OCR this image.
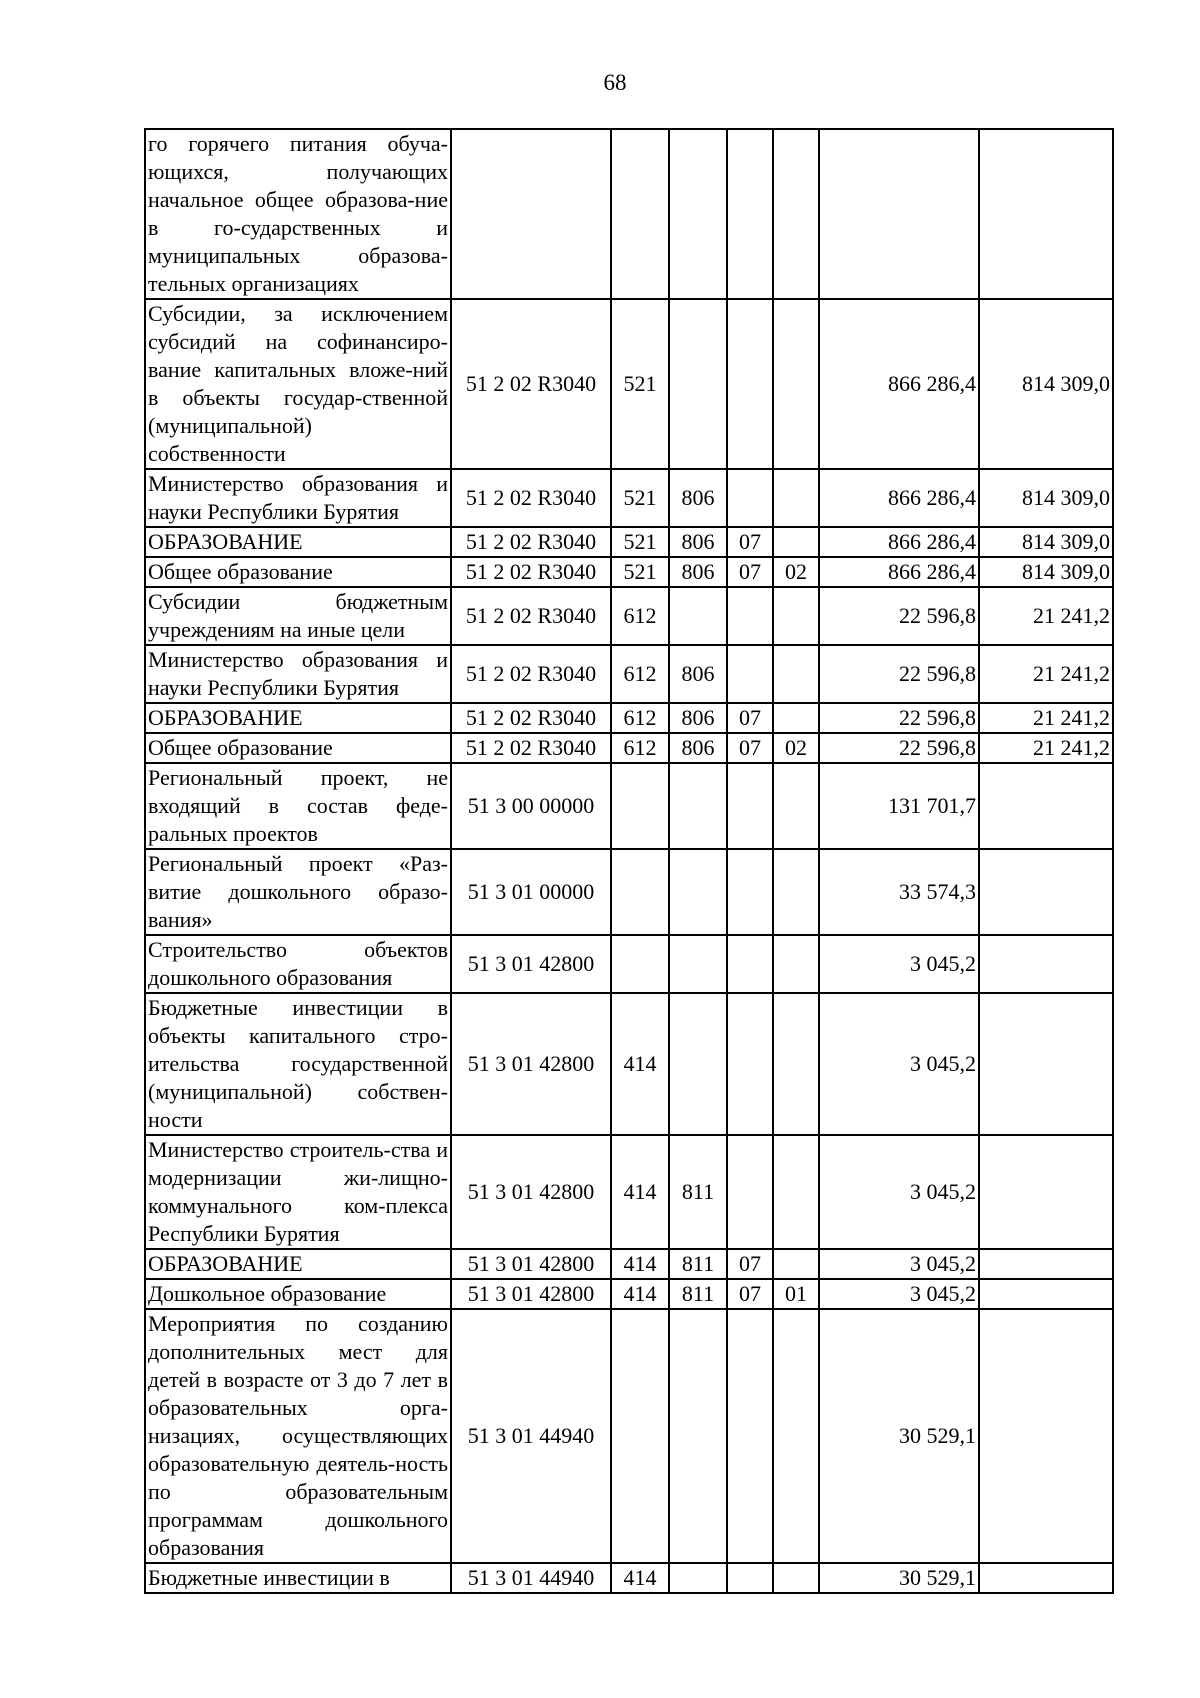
68
го горячего питания обуча-ющихся, получающих начальное общее образова-ние в го-сударственных и муниципальных образова-тельных организациях							
Субсидии, за исключением субсидий на софинансиро-вание капитальных вложе-ний в объекты государ-ственной (муниципальной) собственности	51 2 02 R3040	521				866 286,4	814 309,0
Министерство образования и науки Республики Бурятия	51 2 02 R3040	521	806			866 286,4	814 309,0
ОБРАЗОВАНИЕ	51 2 02 R3040	521	806	07		866 286,4	814 309,0
Общее образование	51 2 02 R3040	521	806	07	02	866 286,4	814 309,0
Субсидии бюджетным учреждениям на иные цели	51 2 02 R3040	612				22 596,8	21 241,2
Министерство образования и науки Республики Бурятия	51 2 02 R3040	612	806			22 596,8	21 241,2
ОБРАЗОВАНИЕ	51 2 02 R3040	612	806	07		22 596,8	21 241,2
Общее образование	51 2 02 R3040	612	806	07	02	22 596,8	21 241,2
Региональный проект, не входящий в состав феде-ральных проектов	51 3 00 00000					131 701,7	
Региональный проект «Раз-витие дошкольного образо-вания»	51 3 01 00000					33 574,3	
Строительство объектов дошкольного образования	51 3 01 42800					3 045,2	
Бюджетные инвестиции в объекты капитального стро-ительства государственной (муниципальной) собствен-ности	51 3 01 42800	414				3 045,2	
Министерство строитель-ства и модернизации жи-лищно-коммунального ком-плекса Республики Бурятия	51 3 01 42800	414	811			3 045,2	
ОБРАЗОВАНИЕ	51 3 01 42800	414	811	07		3 045,2	
Дошкольное образование	51 3 01 42800	414	811	07	01	3 045,2	
Мероприятия по созданию дополнительных мест для детей в возрасте от 3 до 7 лет в образовательных орга-низациях, осуществляющих образовательную деятель-ность по образовательным программам дошкольного образования	51 3 01 44940					30 529,1	
Бюджетные инвестиции в	51 3 01 44940	414				30 529,1	
